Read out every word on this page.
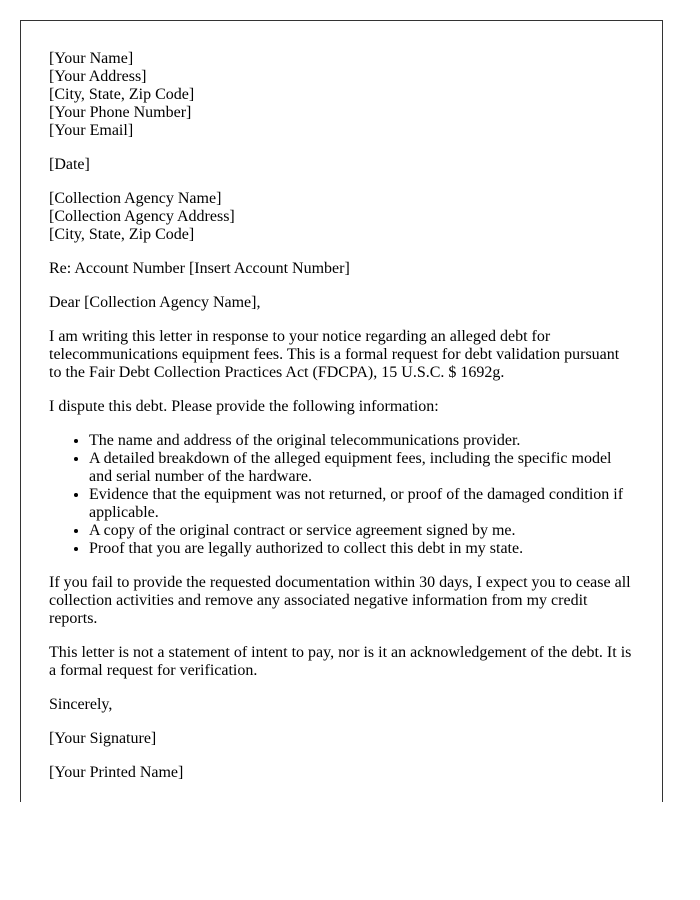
[Your Name]
[Your Address]
[City, State, Zip Code]
[Your Phone Number]
[Your Email]

[Date]

[Collection Agency Name]
[Collection Agency Address]
[City, State, Zip Code]

Re: Account Number [Insert Account Number]

Dear [Collection Agency Name],

I am writing this letter in response to your notice regarding an alleged debt for telecommunications equipment fees. This is a formal request for debt validation pursuant to the Fair Debt Collection Practices Act (FDCPA), 15 U.S.C. $ 1692g.

I dispute this debt. Please provide the following information:

• The name and address of the original telecommunications provider.
• A detailed breakdown of the alleged equipment fees, including the specific model and serial number of the hardware.
• Evidence that the equipment was not returned, or proof of the damaged condition if applicable.
• A copy of the original contract or service agreement signed by me.
• Proof that you are legally authorized to collect this debt in my state.

If you fail to provide the requested documentation within 30 days, I expect you to cease all collection activities and remove any associated negative information from my credit reports.

This letter is not a statement of intent to pay, nor is it an acknowledgement of the debt. It is a formal request for verification.

Sincerely,

[Your Signature]

[Your Printed Name]
